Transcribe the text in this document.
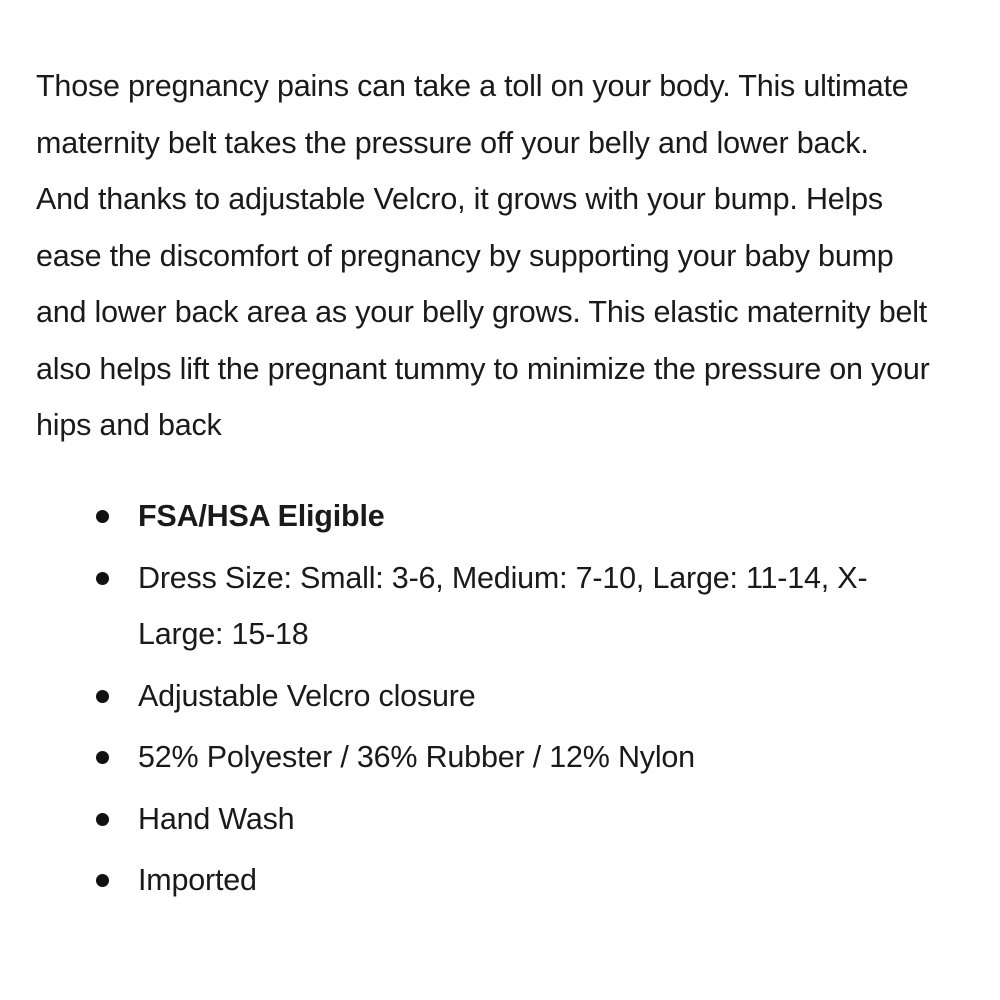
Those pregnancy pains can take a toll on your body. This ultimate
maternity belt takes the pressure off your belly and lower back.
And thanks to adjustable Velcro, it grows with your bump. Helps
ease the discomfort of pregnancy by supporting your baby bump
and lower back area as your belly grows. This elastic maternity belt
also helps lift the pregnant tummy to minimize the pressure on your
hips and back

FSA/HSA Eligible
Dress Size: Small: 3-6, Medium: 7-10, Large: 11-14, X-
Large: 15-18
Adjustable Velcro closure
52% Polyester / 36% Rubber / 12% Nylon
Hand Wash
Imported
